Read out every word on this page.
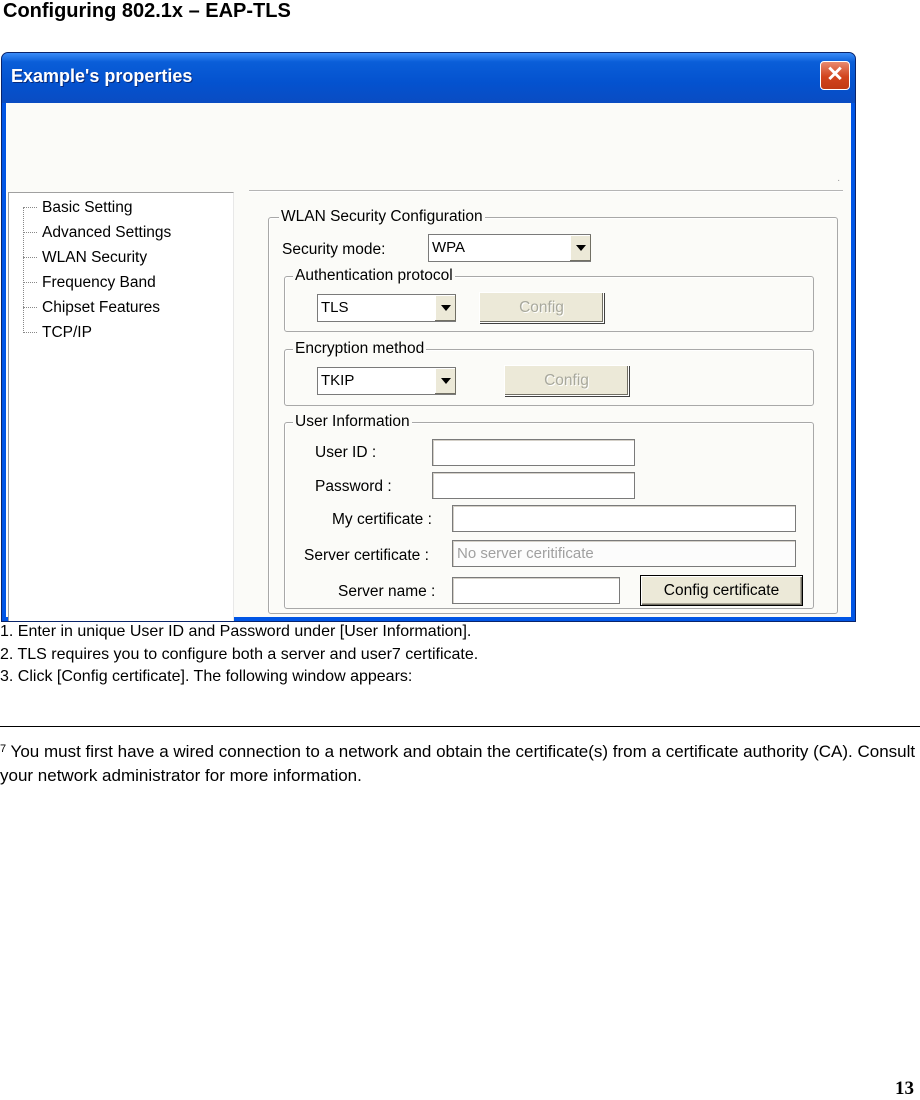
Configuring 802.1x – EAP-TLS
Example's properties	✕
·
Basic Setting
Advanced Settings
WLAN Security
Frequency Band
Chipset Features
TCP/IP
WLAN Security Configuration
Security mode:	WPA
Authentication protocol
TLS	Config
Encryption method
TKIP	Config
User Information
User ID :
Password :
My certificate :
Server certificate :
No server ceritificate
Server name :	Config certificate
1. Enter in unique User ID and Password under [User Information].
2. TLS requires you to configure both a server and user7 certificate.
3. Click [Config certificate]. The following window appears:
$^7$ You must first have a wired connection to a network and obtain the certificate(s) from a certificate authority (CA). Consult your network administrator for more information.
13
